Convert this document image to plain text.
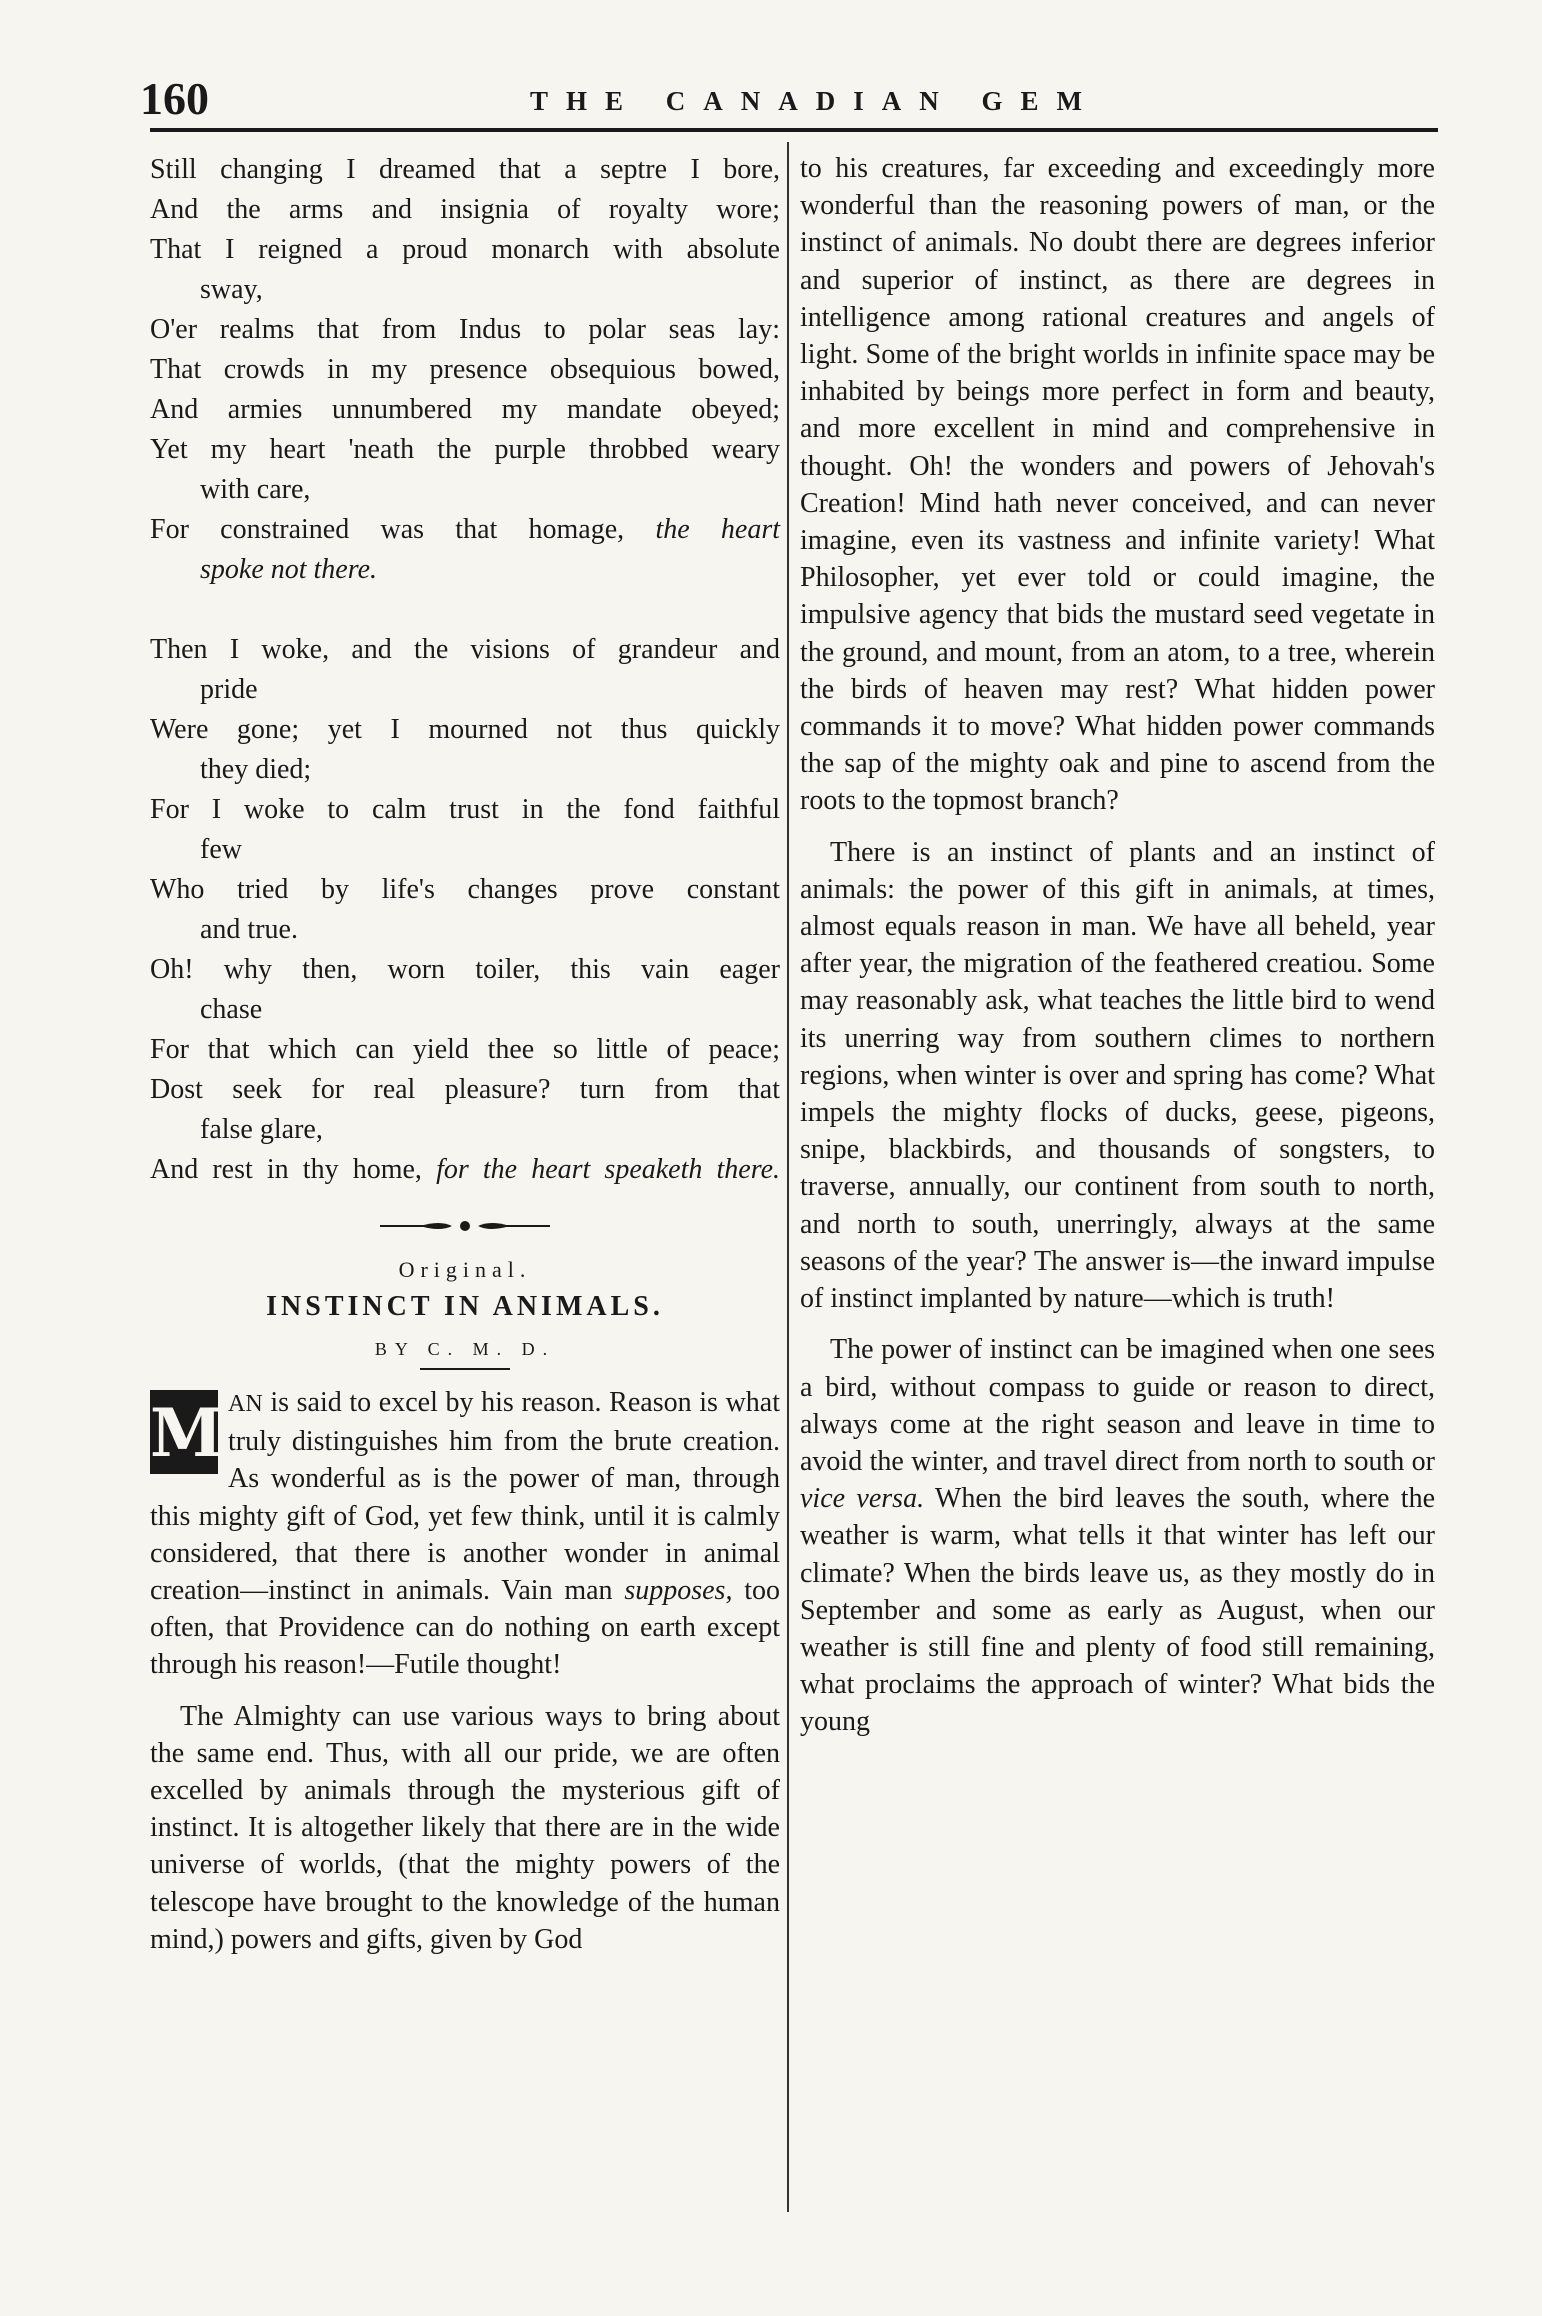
160	THE CANADIAN GEM
Still changing I dreamed that a septre I bore,
And the arms and insignia of royalty wore;
That I reigned a proud monarch with absolute
sway,
O'er realms that from Indus to polar seas lay:
That crowds in my presence obsequious bowed,
And armies unnumbered my mandate obeyed;
Yet my heart 'neath the purple throbbed weary
with care,
For constrained was that homage, the heart
spoke not there.
Then I woke, and the visions of grandeur and
pride
Were gone; yet I mourned not thus quickly
they died;
For I woke to calm trust in the fond faithful
few
Who tried by life's changes prove constant
and true.
Oh! why then, worn toiler, this vain eager
chase
For that which can yield thee so little of peace;
Dost seek for real pleasure? turn from that
false glare,
And rest in thy home, for the heart speaketh there.
Original.
INSTINCT IN ANIMALS.
BY C. M. D.

M AN is said to excel by his reason. Reason is what truly distinguishes him from the brute creation. As wonderful as is the power of man, through this mighty gift of God, yet few think, until it is calmly considered, that there is another wonder in animal creation—instinct in animals. Vain man supposes, too often, that Providence can do nothing on earth except through his reason!—Futile thought!

The Almighty can use various ways to bring about the same end. Thus, with all our pride, we are often excelled by animals through the mysterious gift of instinct. It is altogether likely that there are in the wide universe of worlds, (that the mighty powers of the telescope have brought to the knowledge of the human mind,) powers and gifts, given by God

to his creatures, far exceeding and exceedingly more wonderful than the reasoning powers of man, or the instinct of animals. No doubt there are degrees inferior and superior of instinct, as there are degrees in intelligence among rational creatures and angels of light. Some of the bright worlds in infinite space may be inhabited by beings more perfect in form and beauty, and more excellent in mind and comprehensive in thought. Oh! the wonders and powers of Jehovah's Creation! Mind hath never conceived, and can never imagine, even its vastness and infinite variety! What Philosopher, yet ever told or could imagine, the impulsive agency that bids the mustard seed vegetate in the ground, and mount, from an atom, to a tree, wherein the birds of heaven may rest? What hidden power commands it to move? What hidden power commands the sap of the mighty oak and pine to ascend from the roots to the topmost branch?

There is an instinct of plants and an instinct of animals: the power of this gift in animals, at times, almost equals reason in man. We have all beheld, year after year, the migration of the feathered creatiou. Some may reasonably ask, what teaches the little bird to wend its unerring way from southern climes to northern regions, when winter is over and spring has come? What impels the mighty flocks of ducks, geese, pigeons, snipe, blackbirds, and thousands of songsters, to traverse, annually, our continent from south to north, and north to south, unerringly, always at the same seasons of the year? The answer is—the inward impulse of instinct implanted by nature—which is truth!

The power of instinct can be imagined when one sees a bird, without compass to guide or reason to direct, always come at the right season and leave in time to avoid the winter, and travel direct from north to south or vice versa. When the bird leaves the south, where the weather is warm, what tells it that winter has left our climate? When the birds leave us, as they mostly do in September and some as early as August, when our weather is still fine and plenty of food still remaining, what proclaims the approach of winter? What bids the young
